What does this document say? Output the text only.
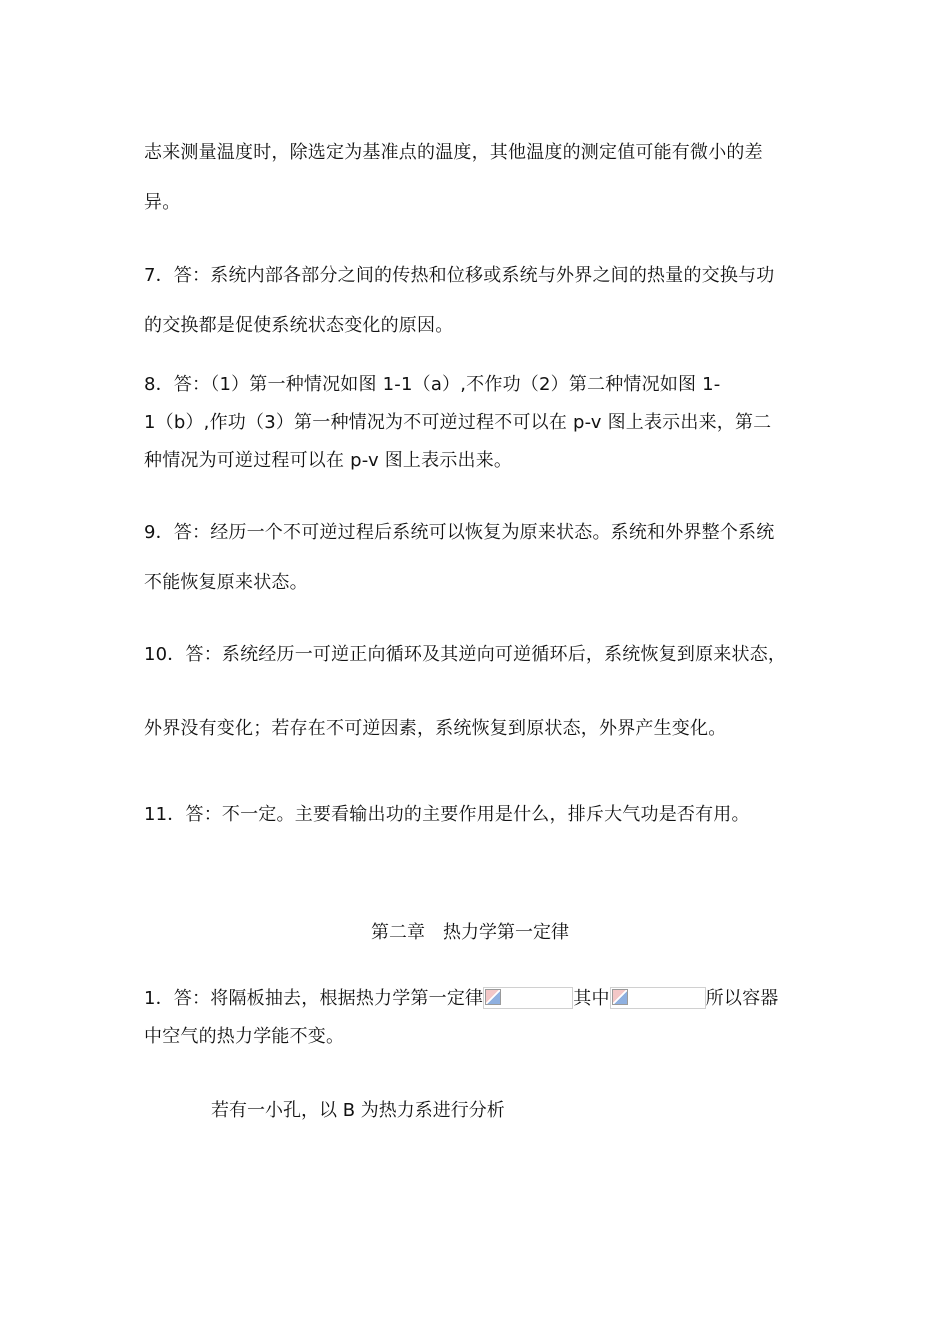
志来测量温度时，除选定为基准点的温度，其他温度的测定值可能有微小的差
异。
7．答：系统内部各部分之间的传热和位移或系统与外界之间的热量的交换与功
的交换都是促使系统状态变化的原因。
8．答：（1）第一种情况如图 1-1（a）,不作功（2）第二种情况如图 1-
1（b）,作功（3）第一种情况为不可逆过程不可以在 p-v 图上表示出来，第二
种情况为可逆过程可以在 p-v 图上表示出来。
9．答：经历一个不可逆过程后系统可以恢复为原来状态。系统和外界整个系统
不能恢复原来状态。
10．答：系统经历一可逆正向循环及其逆向可逆循环后，系统恢复到原来状态，
外界没有变化；若存在不可逆因素，系统恢复到原状态，外界产生变化。
11．答：不一定。主要看输出功的主要作用是什么，排斥大气功是否有用。
第二章　热力学第一定律
1．答：将隔板抽去，根据热力学第一定律	其中	所以容器
中空气的热力学能不变。
若有一小孔，以 B 为热力系进行分析
